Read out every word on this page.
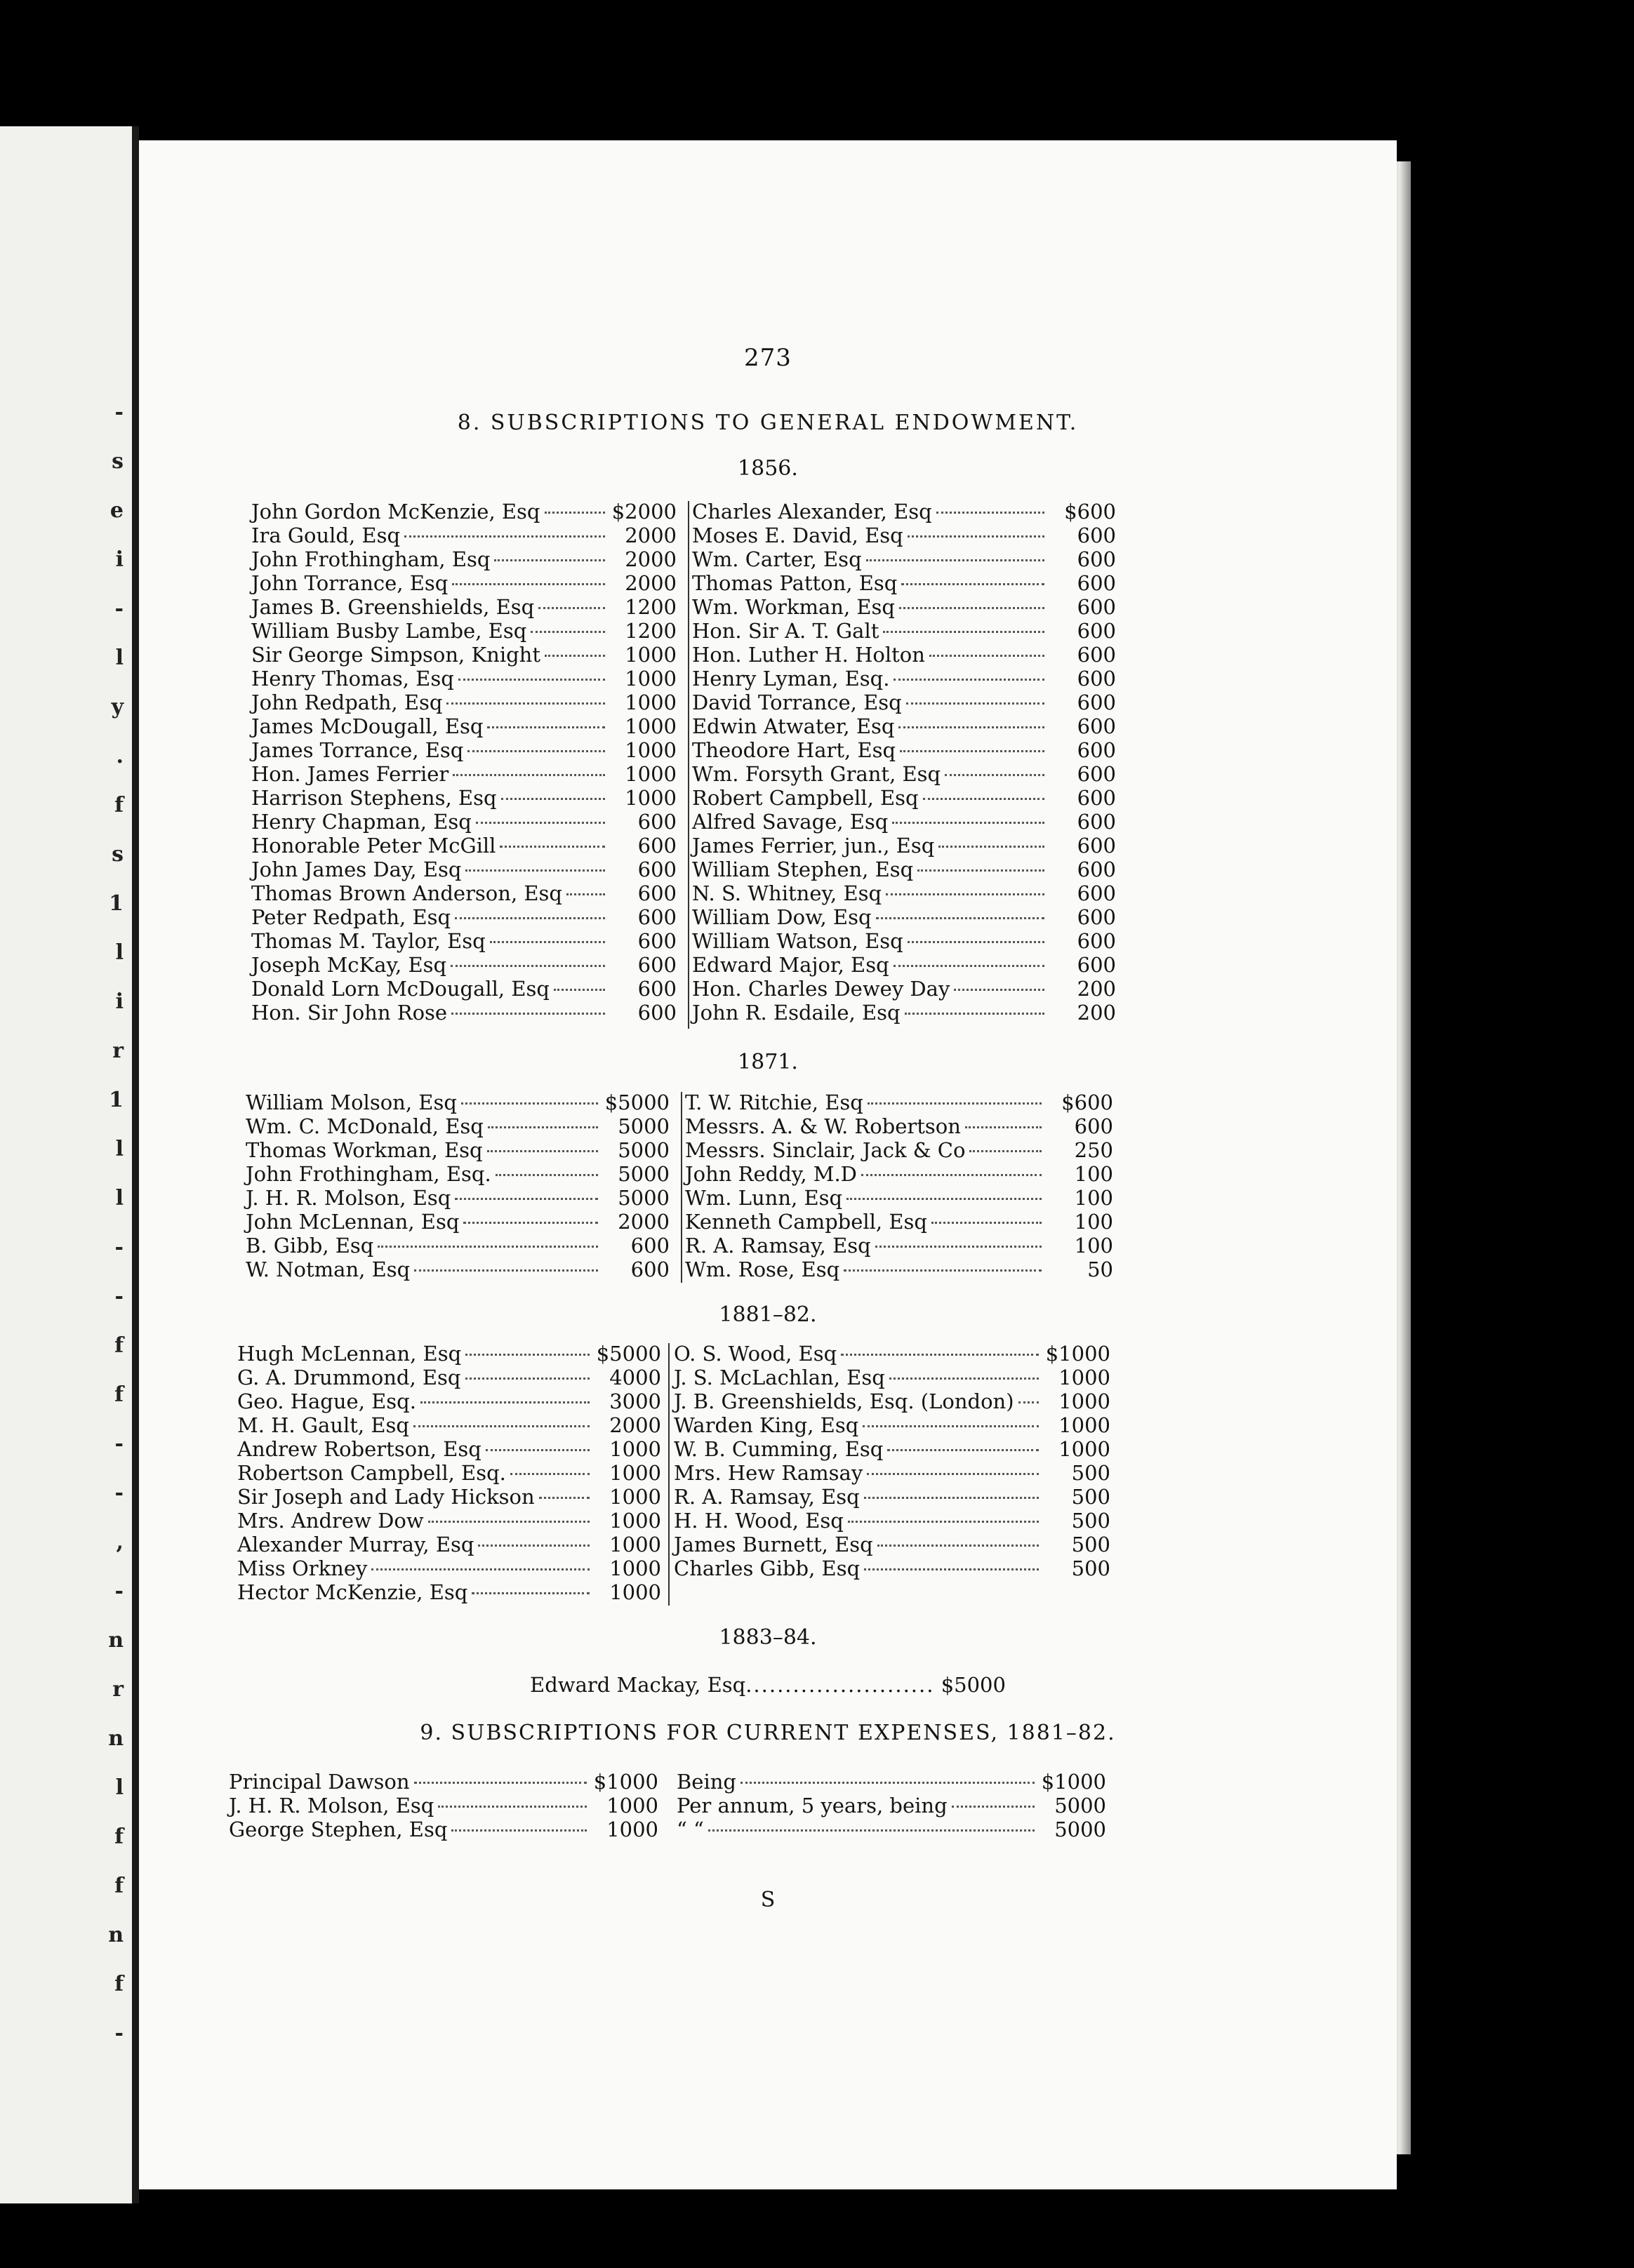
-
s
e
i
-
l
y
.
f
s
1
l
i
r
1
l
l
-
-
f
f
-
-
,
-
n
r
n
l
f
f
n
f
-
273
8. SUBSCRIPTIONS TO GENERAL ENDOWMENT.
1856.
John Gordon McKenzie, Esq	$2000
Ira Gould, Esq	2000
John Frothingham, Esq	2000
John Torrance, Esq	2000
James B. Greenshields, Esq	1200
William Busby Lambe, Esq	1200
Sir George Simpson, Knight	1000
Henry Thomas, Esq	1000
John Redpath, Esq	1000
James McDougall, Esq	1000
James Torrance, Esq	1000
Hon. James Ferrier	1000
Harrison Stephens, Esq	1000
Henry Chapman, Esq	600
Honorable Peter McGill	600
John James Day, Esq	600
Thomas Brown Anderson, Esq	600
Peter Redpath, Esq	600
Thomas M. Taylor, Esq	600
Joseph McKay, Esq	600
Donald Lorn McDougall, Esq	600
Hon. Sir John Rose	600
Charles Alexander, Esq	$600
Moses E. David, Esq	600
Wm. Carter, Esq	600
Thomas Patton, Esq	600
Wm. Workman, Esq	600
Hon. Sir A. T. Galt	600
Hon. Luther H. Holton	600
Henry Lyman, Esq.	600
David Torrance, Esq	600
Edwin Atwater, Esq	600
Theodore Hart, Esq	600
Wm. Forsyth Grant, Esq	600
Robert Campbell, Esq	600
Alfred Savage, Esq	600
James Ferrier, jun., Esq	600
William Stephen, Esq	600
N. S. Whitney, Esq	600
William Dow, Esq	600
William Watson, Esq	600
Edward Major, Esq	600
Hon. Charles Dewey Day	200
John R. Esdaile, Esq	200
1871.
William Molson, Esq	$5000
Wm. C. McDonald, Esq	5000
Thomas Workman, Esq	5000
John Frothingham, Esq.	5000
J. H. R. Molson, Esq	5000
John McLennan, Esq	2000
B. Gibb, Esq	600
W. Notman, Esq	600
T. W. Ritchie, Esq	$600
Messrs. A. & W. Robertson	600
Messrs. Sinclair, Jack & Co	250
John Reddy, M.D	100
Wm. Lunn, Esq	100
Kenneth Campbell, Esq	100
R. A. Ramsay, Esq	100
Wm. Rose, Esq	50
1881–82.
Hugh McLennan, Esq	$5000
G. A. Drummond, Esq	4000
Geo. Hague, Esq.	3000
M. H. Gault, Esq	2000
Andrew Robertson, Esq	1000
Robertson Campbell, Esq.	1000
Sir Joseph and Lady Hickson	1000
Mrs. Andrew Dow	1000
Alexander Murray, Esq	1000
Miss Orkney	1000
Hector McKenzie, Esq	1000
O. S. Wood, Esq	$1000
J. S. McLachlan, Esq	1000
J. B. Greenshields, Esq. (London)	1000
Warden King, Esq	1000
W. B. Cumming, Esq	1000
Mrs. Hew Ramsay	500
R. A. Ramsay, Esq	500
H. H. Wood, Esq	500
James Burnett, Esq	500
Charles Gibb, Esq	500
1883–84.
Edward Mackay, Esq........................ $5000
9. SUBSCRIPTIONS FOR CURRENT EXPENSES, 1881–82.
Principal Dawson	$1000
J. H. R. Molson, Esq	1000
George Stephen, Esq	1000
Being	$1000
Per annum, 5 years, being	5000
“ “	5000
S
